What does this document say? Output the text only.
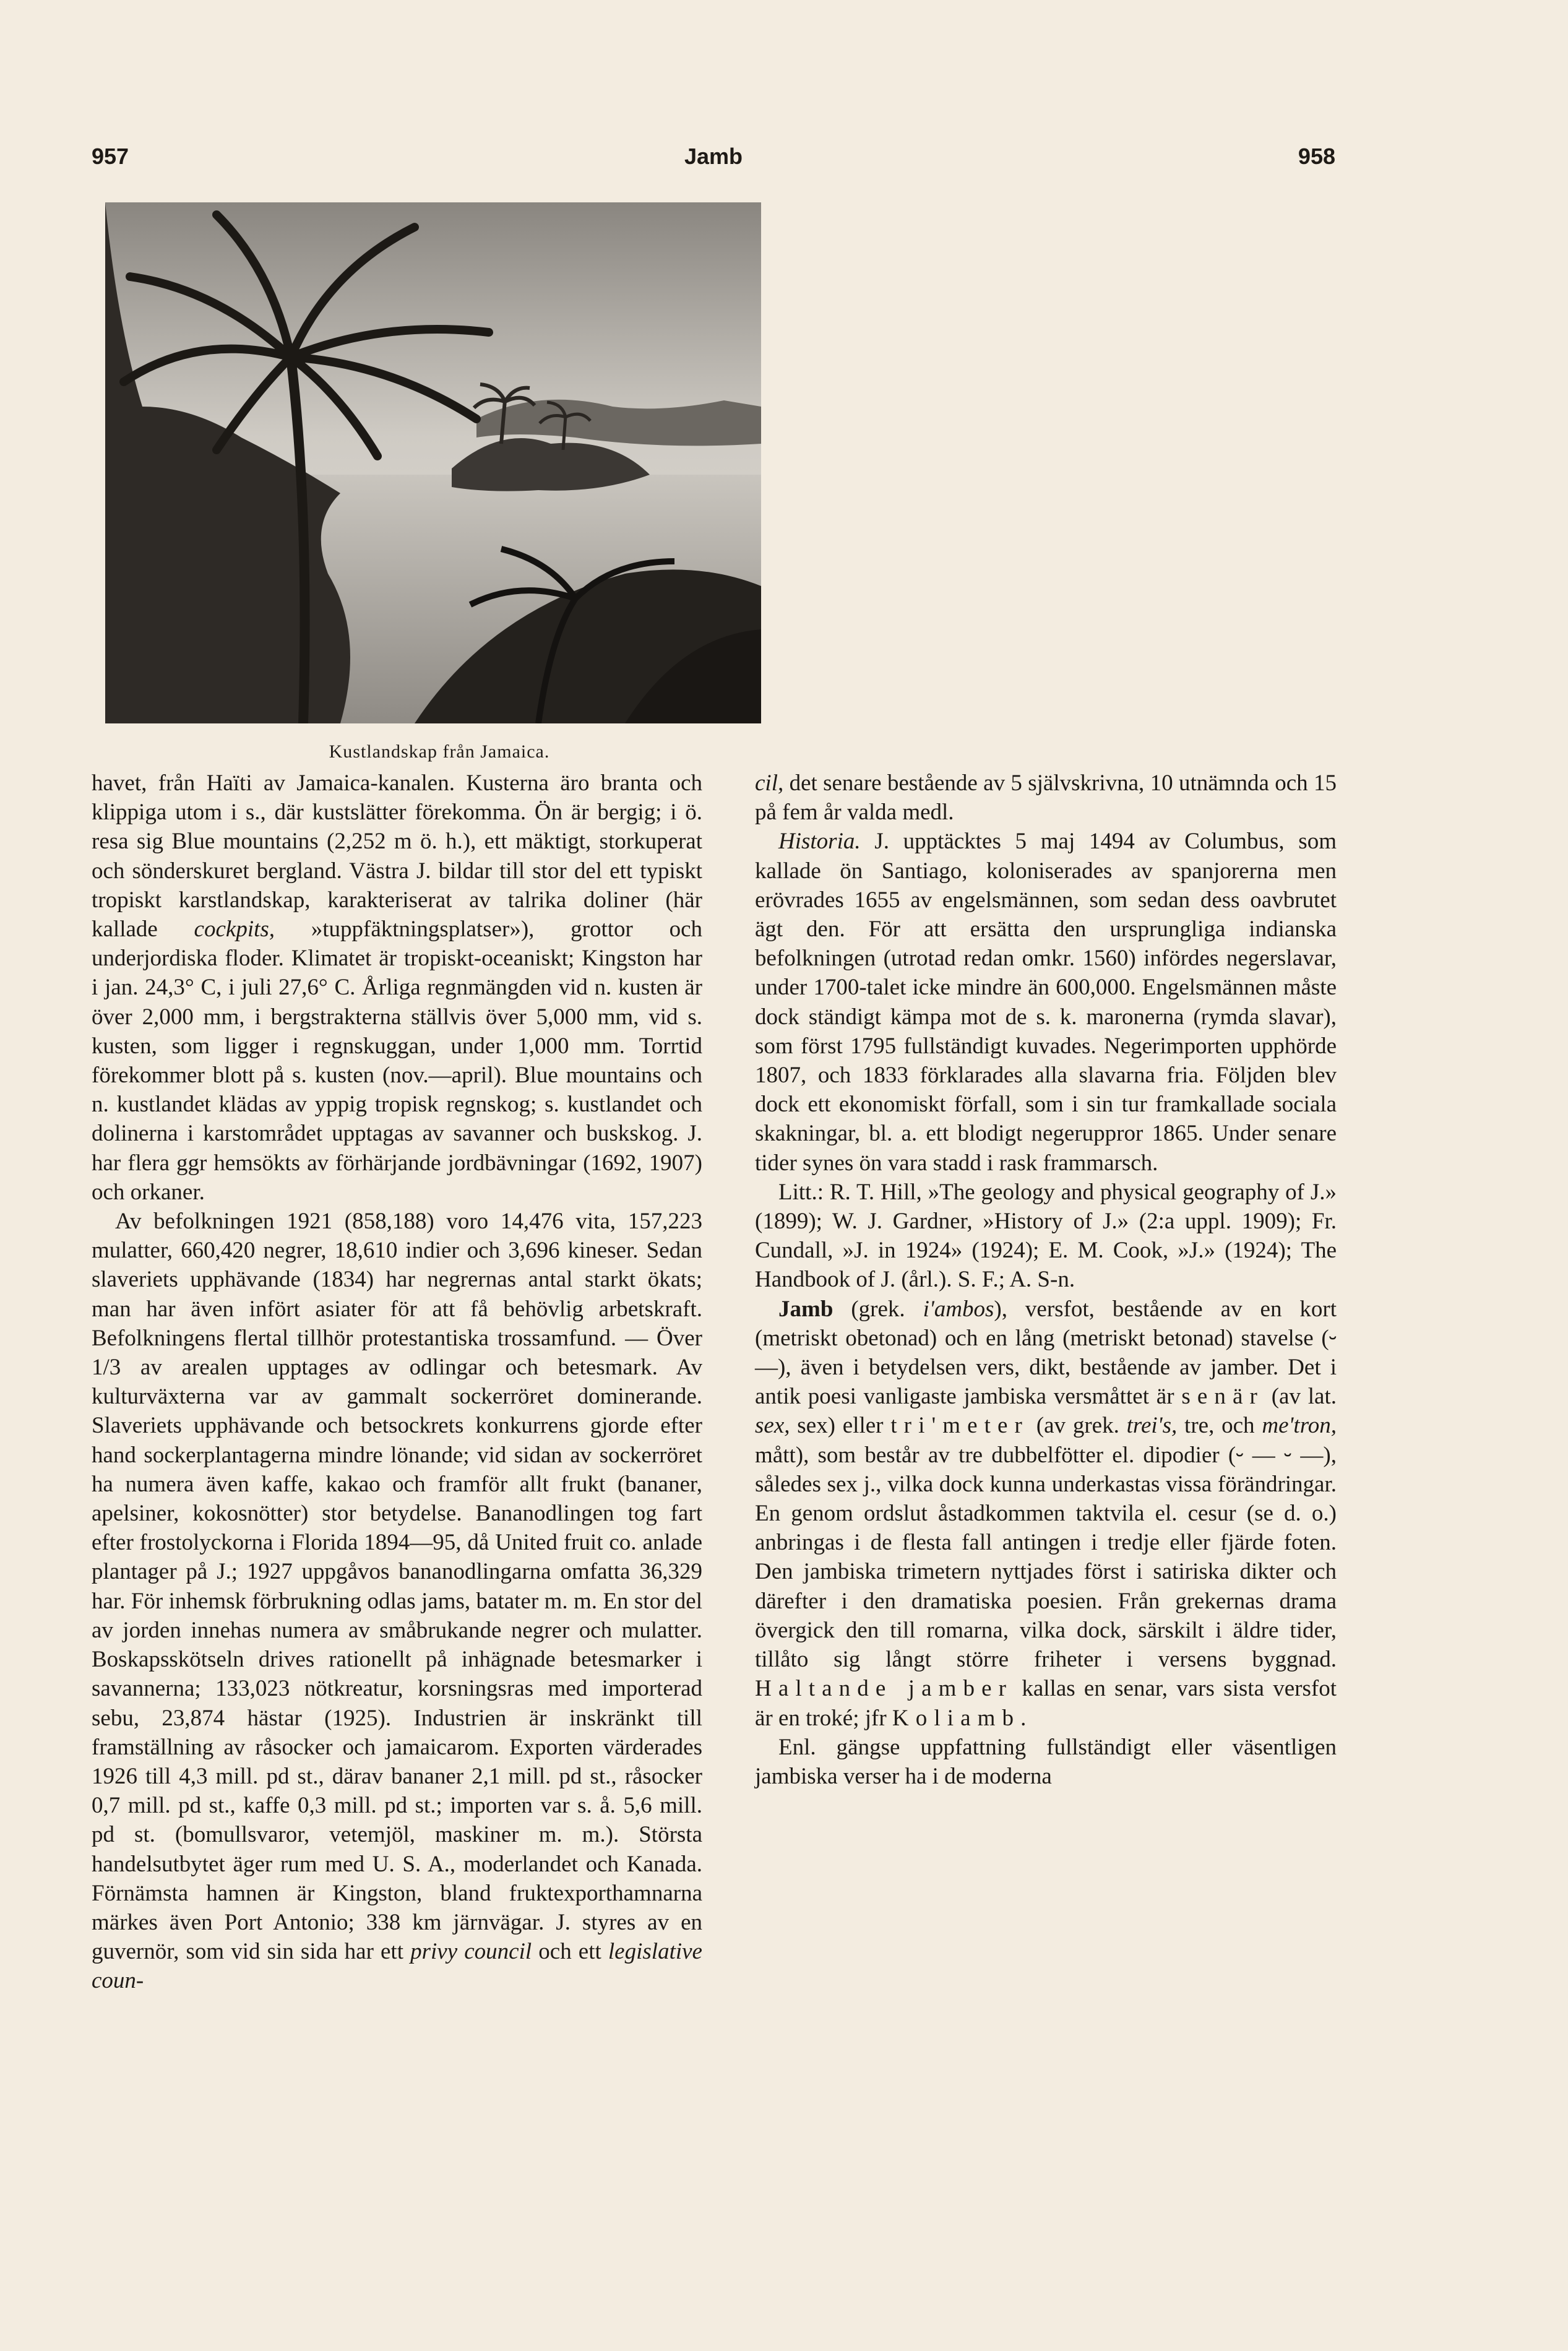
957	Jamb	958
Kustlandskap från Jamaica.

havet, från Haïti av Jamaica-kanalen. Kusterna äro branta och klippiga utom i s., där kustslätter förekomma. Ön är bergig; i ö. resa sig Blue mountains (2,252 m ö. h.), ett mäktigt, storkuperat och sönderskuret bergland. Västra J. bildar till stor del ett typiskt tropiskt karstlandskap, karakteriserat av talrika doliner (här kallade cockpits, »tuppfäktningsplatser»), grottor och underjordiska floder. Klimatet är tropiskt-oceaniskt; Kingston har i jan. 24,3° C, i juli 27,6° C. Årliga regnmängden vid n. kusten är över 2,000 mm, i bergstrakterna ställvis över 5,000 mm, vid s. kusten, som ligger i regnskuggan, under 1,000 mm. Torrtid förekommer blott på s. kusten (nov.—april). Blue mountains och n. kustlandet klädas av yppig tropisk regnskog; s. kustlandet och dolinerna i karstområdet upptagas av savanner och buskskog. J. har flera ggr hemsökts av förhärjande jordbävningar (1692, 1907) och orkaner.

Av befolkningen 1921 (858,188) voro 14,476 vita, 157,223 mulatter, 660,420 negrer, 18,610 indier och 3,696 kineser. Sedan slaveriets upphävande (1834) har negrernas antal starkt ökats; man har även infört asiater för att få behövlig arbetskraft. Befolkningens flertal tillhör protestantiska trossamfund. — Över 1/3 av arealen upptages av odlingar och betesmark. Av kulturväxterna var av gammalt sockerröret dominerande. Slaveriets upphävande och betsockrets konkurrens gjorde efter hand sockerplantagerna mindre lönande; vid sidan av sockerröret ha numera även kaffe, kakao och framför allt frukt (bananer, apelsiner, kokosnötter) stor betydelse. Bananodlingen tog fart efter frostolyckorna i Florida 1894—95, då United fruit co. anlade plantager på J.; 1927 uppgåvos bananodlingarna omfatta 36,329 har. För inhemsk förbrukning odlas jams, batater m. m. En stor del av jorden innehas numera av småbrukande negrer och mulatter. Boskapsskötseln drives rationellt på inhägnade betesmarker i savannerna; 133,023 nötkreatur, korsningsras med importerad sebu, 23,874 hästar (1925). Industrien är inskränkt till framställning av råsocker och jamaicarom. Exporten värderades 1926 till 4,3 mill. pd st., därav bananer 2,1 mill. pd st., råsocker 0,7 mill. pd st., kaffe 0,3 mill. pd st.; importen var s. å. 5,6 mill. pd st. (bomullsvaror, vetemjöl, maskiner m. m.). Största handelsutbytet äger rum med U. S. A., moderlandet och Kanada. Förnämsta hamnen är Kingston, bland fruktexporthamnarna märkes även Port Antonio; 338 km järnvägar. J. styres av en guvernör, som vid sin sida har ett privy council och ett legislative coun-

cil, det senare bestående av 5 självskrivna, 10 utnämnda och 15 på fem år valda medl.

Historia. J. upptäcktes 5 maj 1494 av Columbus, som kallade ön Santiago, koloniserades av spanjorerna men erövrades 1655 av engelsmännen, som sedan dess oavbrutet ägt den. För att ersätta den ursprungliga indianska befolkningen (utrotad redan omkr. 1560) infördes negerslavar, under 1700-talet icke mindre än 600,000. Engelsmännen måste dock ständigt kämpa mot de s. k. maronerna (rymda slavar), som först 1795 fullständigt kuvades. Negerimporten upphörde 1807, och 1833 förklarades alla slavarna fria. Följden blev dock ett ekonomiskt förfall, som i sin tur framkallade sociala skakningar, bl. a. ett blodigt negeruppror 1865. Under senare tider synes ön vara stadd i rask frammarsch.

Litt.: R. T. Hill, »The geology and physical geography of J.» (1899); W. J. Gardner, »History of J.» (2:a uppl. 1909); Fr. Cundall, »J. in 1924» (1924); E. M. Cook, »J.» (1924); The Handbook of J. (årl.). S. F.; A. S-n.

Jamb (grek. i'ambos), versfot, bestående av en kort (metriskt obetonad) och en lång (metriskt betonad) stavelse (⏑ —), även i betydelsen vers, dikt, bestående av jamber. Det i antik poesi vanligaste jambiska versmåttet är senär (av lat. sex, sex) eller tri'meter (av grek. trei's, tre, och me'tron, mått), som består av tre dubbelfötter el. dipodier (⏑ — ⏑ —), således sex j., vilka dock kunna underkastas vissa förändringar. En genom ordslut åstadkommen taktvila el. cesur (se d. o.) anbringas i de flesta fall antingen i tredje eller fjärde foten. Den jambiska trimetern nyttjades först i satiriska dikter och därefter i den dramatiska poesien. Från grekernas drama övergick den till romarna, vilka dock, särskilt i äldre tider, tillåto sig långt större friheter i versens byggnad. Haltande jamber kallas en senar, vars sista versfot är en troké; jfr Koliamb.

Enl. gängse uppfattning fullständigt eller väsentligen jambiska verser ha i de moderna
